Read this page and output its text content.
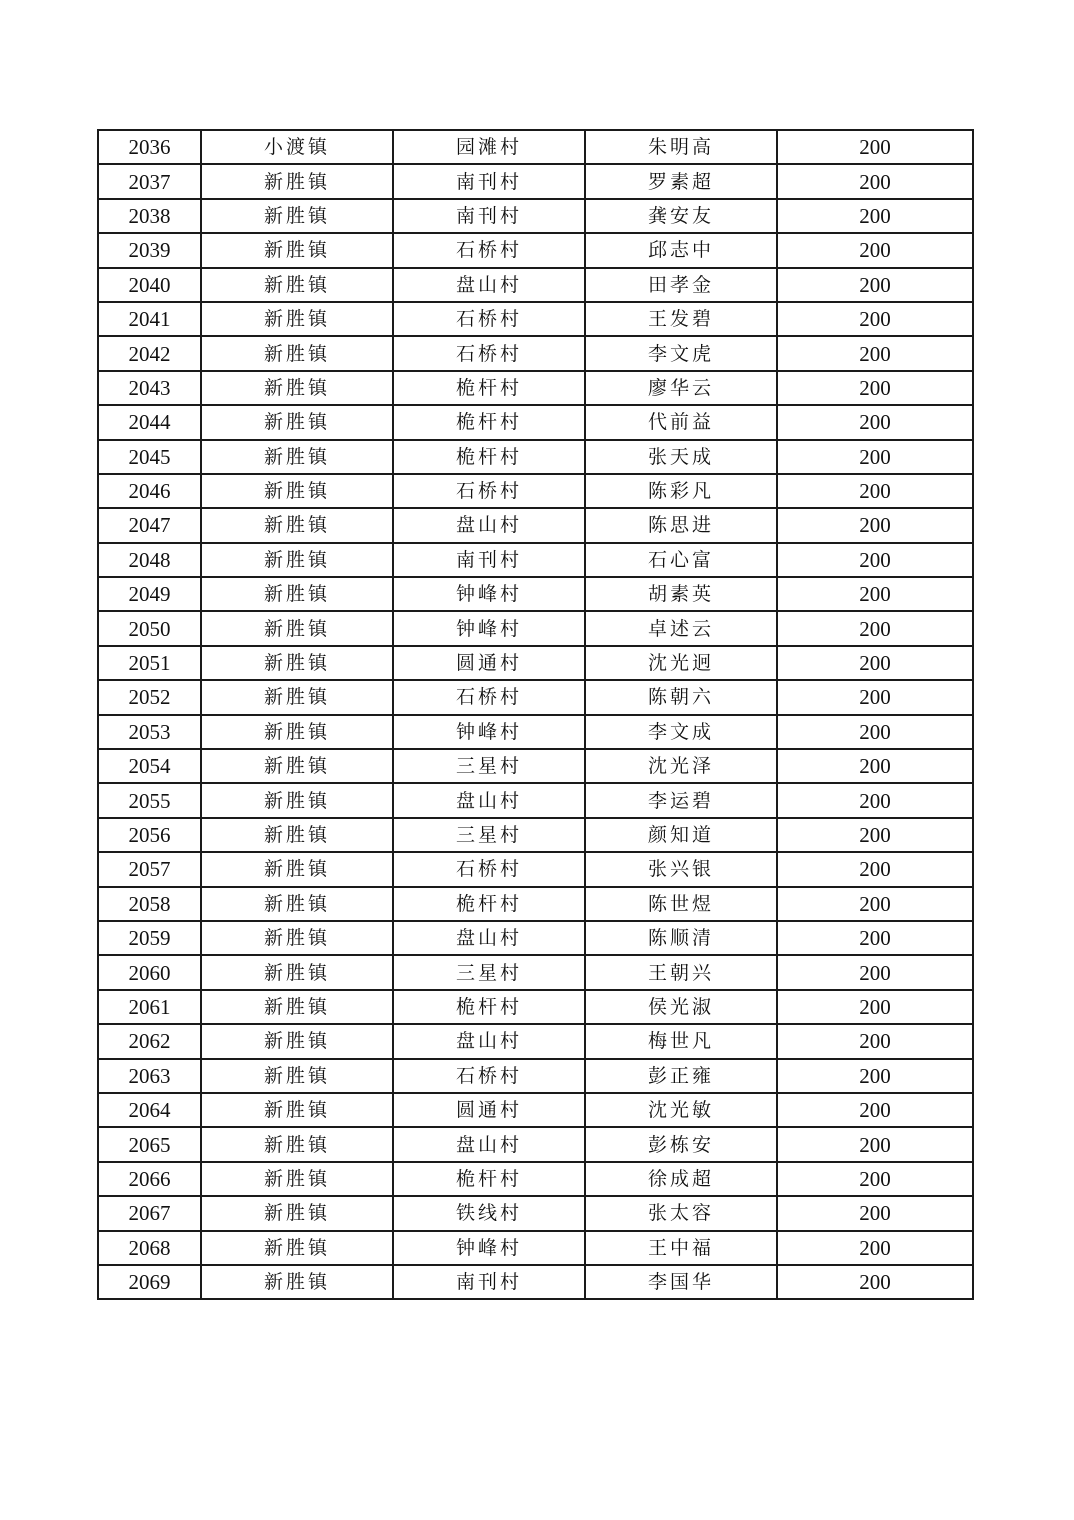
2036	小渡镇	园滩村	朱明高	200
2037	新胜镇	南刊村	罗素超	200
2038	新胜镇	南刊村	龚安友	200
2039	新胜镇	石桥村	邱志中	200
2040	新胜镇	盘山村	田孝金	200
2041	新胜镇	石桥村	王发碧	200
2042	新胜镇	石桥村	李文虎	200
2043	新胜镇	桅杆村	廖华云	200
2044	新胜镇	桅杆村	代前益	200
2045	新胜镇	桅杆村	张天成	200
2046	新胜镇	石桥村	陈彩凡	200
2047	新胜镇	盘山村	陈思进	200
2048	新胜镇	南刊村	石心富	200
2049	新胜镇	钟峰村	胡素英	200
2050	新胜镇	钟峰村	卓述云	200
2051	新胜镇	圆通村	沈光迥	200
2052	新胜镇	石桥村	陈朝六	200
2053	新胜镇	钟峰村	李文成	200
2054	新胜镇	三星村	沈光泽	200
2055	新胜镇	盘山村	李运碧	200
2056	新胜镇	三星村	颜知道	200
2057	新胜镇	石桥村	张兴银	200
2058	新胜镇	桅杆村	陈世煜	200
2059	新胜镇	盘山村	陈顺清	200
2060	新胜镇	三星村	王朝兴	200
2061	新胜镇	桅杆村	侯光淑	200
2062	新胜镇	盘山村	梅世凡	200
2063	新胜镇	石桥村	彭正雍	200
2064	新胜镇	圆通村	沈光敏	200
2065	新胜镇	盘山村	彭栋安	200
2066	新胜镇	桅杆村	徐成超	200
2067	新胜镇	铁线村	张太容	200
2068	新胜镇	钟峰村	王中福	200
2069	新胜镇	南刊村	李国华	200
